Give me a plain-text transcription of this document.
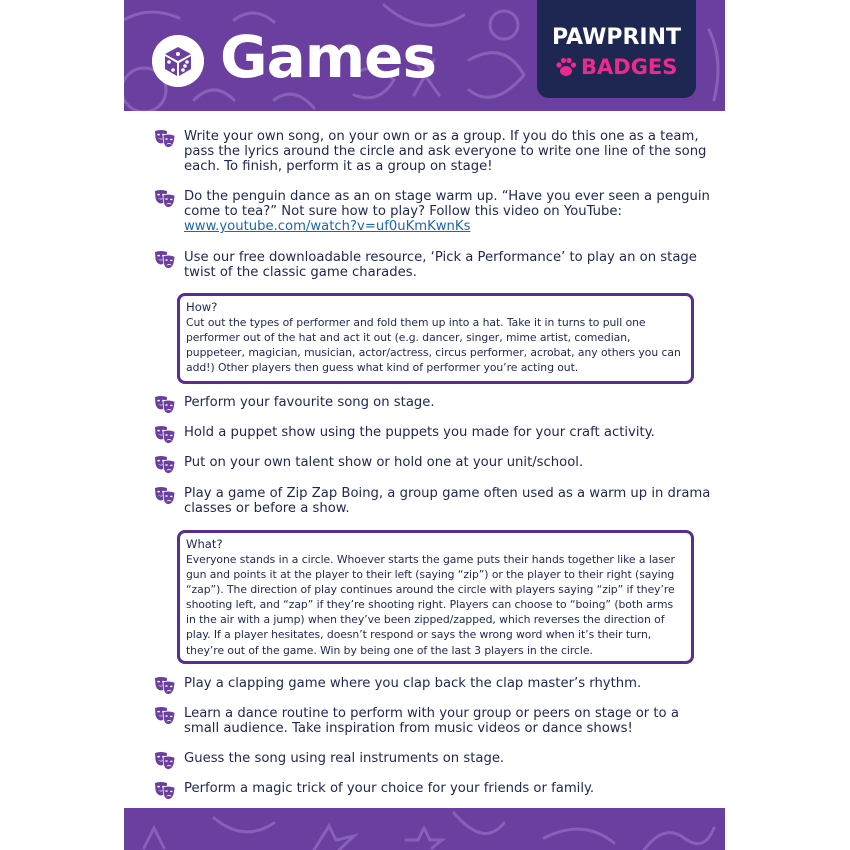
Games	PAWPRINT
BADGES
Write your own song, on your own or as a group. If you do this one as a team, pass the lyrics around the circle and ask everyone to write one line of the song each. To finish, perform it as a group on stage!
Do the penguin dance as an on stage warm up. “Have you ever seen a penguin come to tea?” Not sure how to play? Follow this video on YouTube:
www.youtube.com/watch?v=uf0uKmKwnKs
Use our free downloadable resource, ‘Pick a Performance’ to play an on stage twist of the classic game charades.
How?
Cut out the types of performer and fold them up into a hat. Take it in turns to pull one performer out of the hat and act it out (e.g. dancer, singer, mime artist, comedian, puppeteer, magician, musician, actor/actress, circus performer, acrobat, any others you can add!) Other players then guess what kind of performer you’re acting out.
Perform your favourite song on stage.
Hold a puppet show using the puppets you made for your craft activity.
Put on your own talent show or hold one at your unit/school.
Play a game of Zip Zap Boing, a group game often used as a warm up in drama classes or before a show.
What?
Everyone stands in a circle. Whoever starts the game puts their hands together like a laser gun and points it at the player to their left (saying “zip”) or the player to their right (saying “zap”). The direction of play continues around the circle with players saying “zip” if they’re shooting left, and “zap” if they’re shooting right. Players can choose to “boing” (both arms in the air with a jump) when they’ve been zipped/zapped, which reverses the direction of play. If a player hesitates, doesn’t respond or says the wrong word when it’s their turn, they’re out of the game. Win by being one of the last 3 players in the circle.
Play a clapping game where you clap back the clap master’s rhythm.
Learn a dance routine to perform with your group or peers on stage or to a small audience. Take inspiration from music videos or dance shows!
Guess the song using real instruments on stage.
Perform a magic trick of your choice for your friends or family.
